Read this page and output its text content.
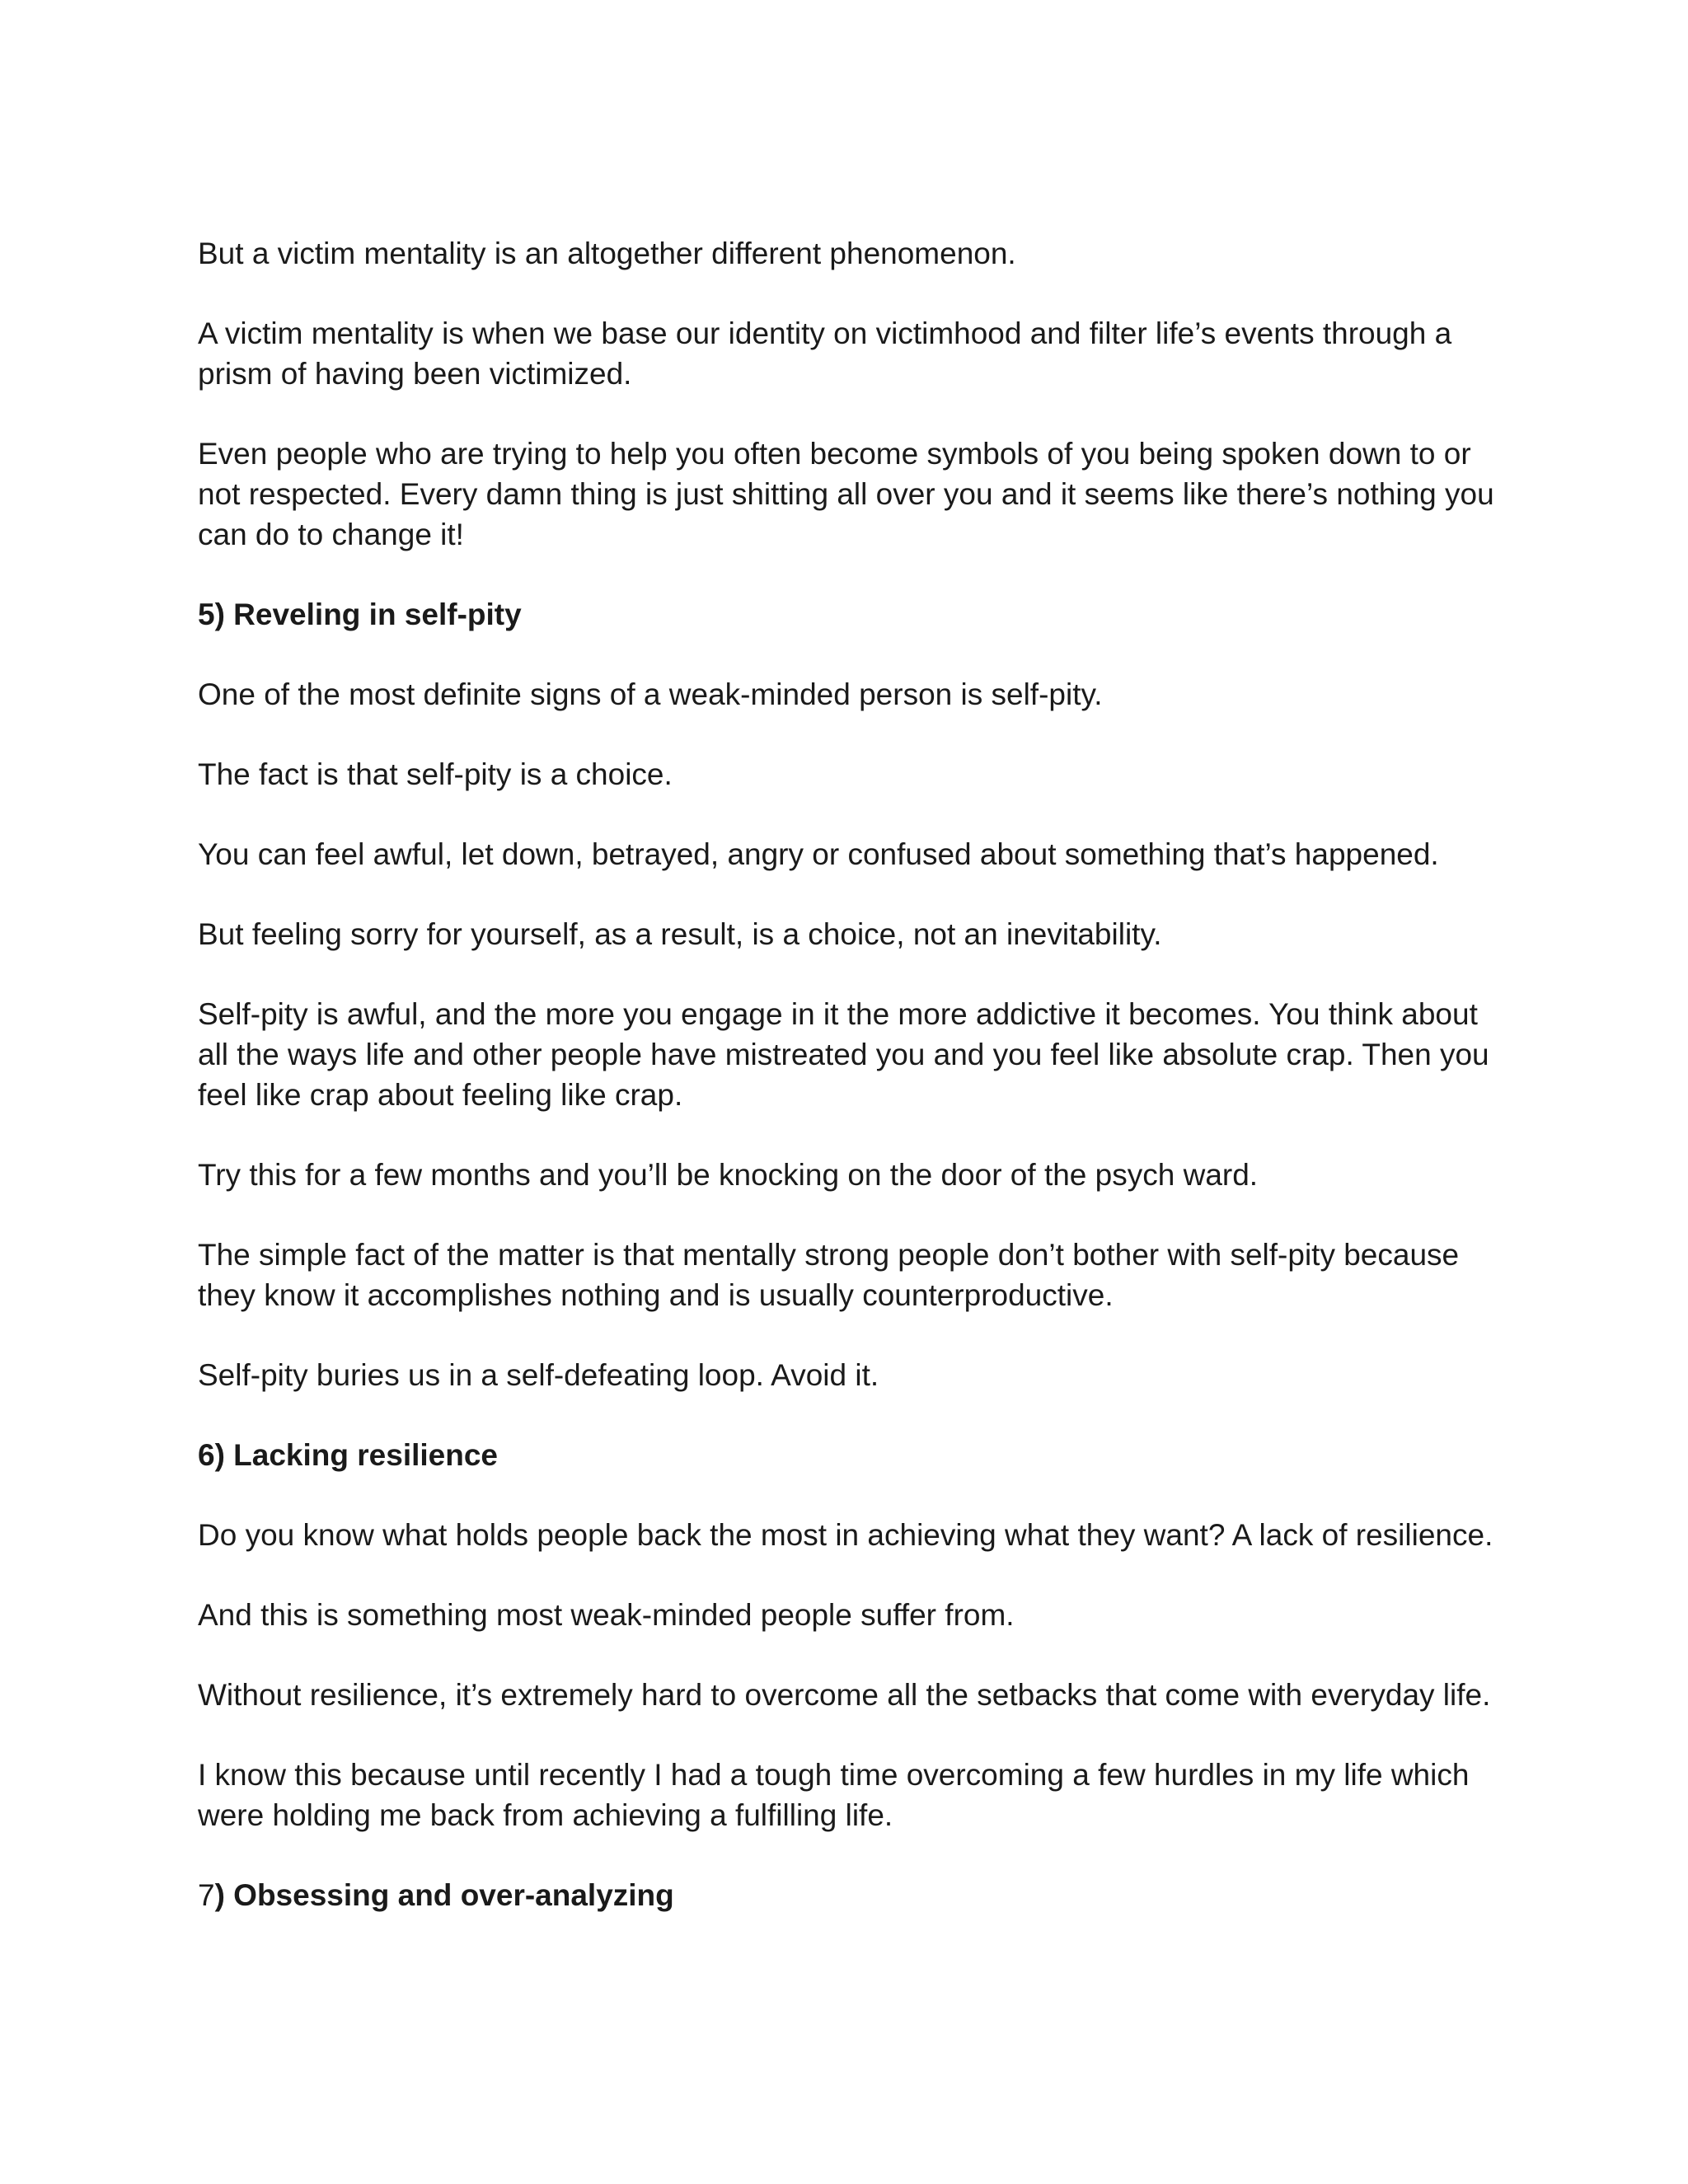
But a victim mentality is an altogether different phenomenon.

A victim mentality is when we base our identity on victimhood and filter life’s events through a prism of having been victimized.

Even people who are trying to help you often become symbols of you being spoken down to or not respected. Every damn thing is just shitting all over you and it seems like there’s nothing you can do to change it!

5) Reveling in self-pity

One of the most definite signs of a weak-minded person is self-pity.

The fact is that self-pity is a choice.

You can feel awful, let down, betrayed, angry or confused about something that’s happened.

But feeling sorry for yourself, as a result, is a choice, not an inevitability.

Self-pity is awful, and the more you engage in it the more addictive it becomes. You think about all the ways life and other people have mistreated you and you feel like absolute crap. Then you feel like crap about feeling like crap.

Try this for a few months and you’ll be knocking on the door of the psych ward.

The simple fact of the matter is that mentally strong people don’t bother with self-pity because they know it accomplishes nothing and is usually counterproductive.

Self-pity buries us in a self-defeating loop. Avoid it.

6) Lacking resilience

Do you know what holds people back the most in achieving what they want? A lack of resilience.

And this is something most weak-minded people suffer from.

Without resilience, it’s extremely hard to overcome all the setbacks that come with everyday life.

I know this because until recently I had a tough time overcoming a few hurdles in my life which were holding me back from achieving a fulfilling life.

7) Obsessing and over-analyzing
